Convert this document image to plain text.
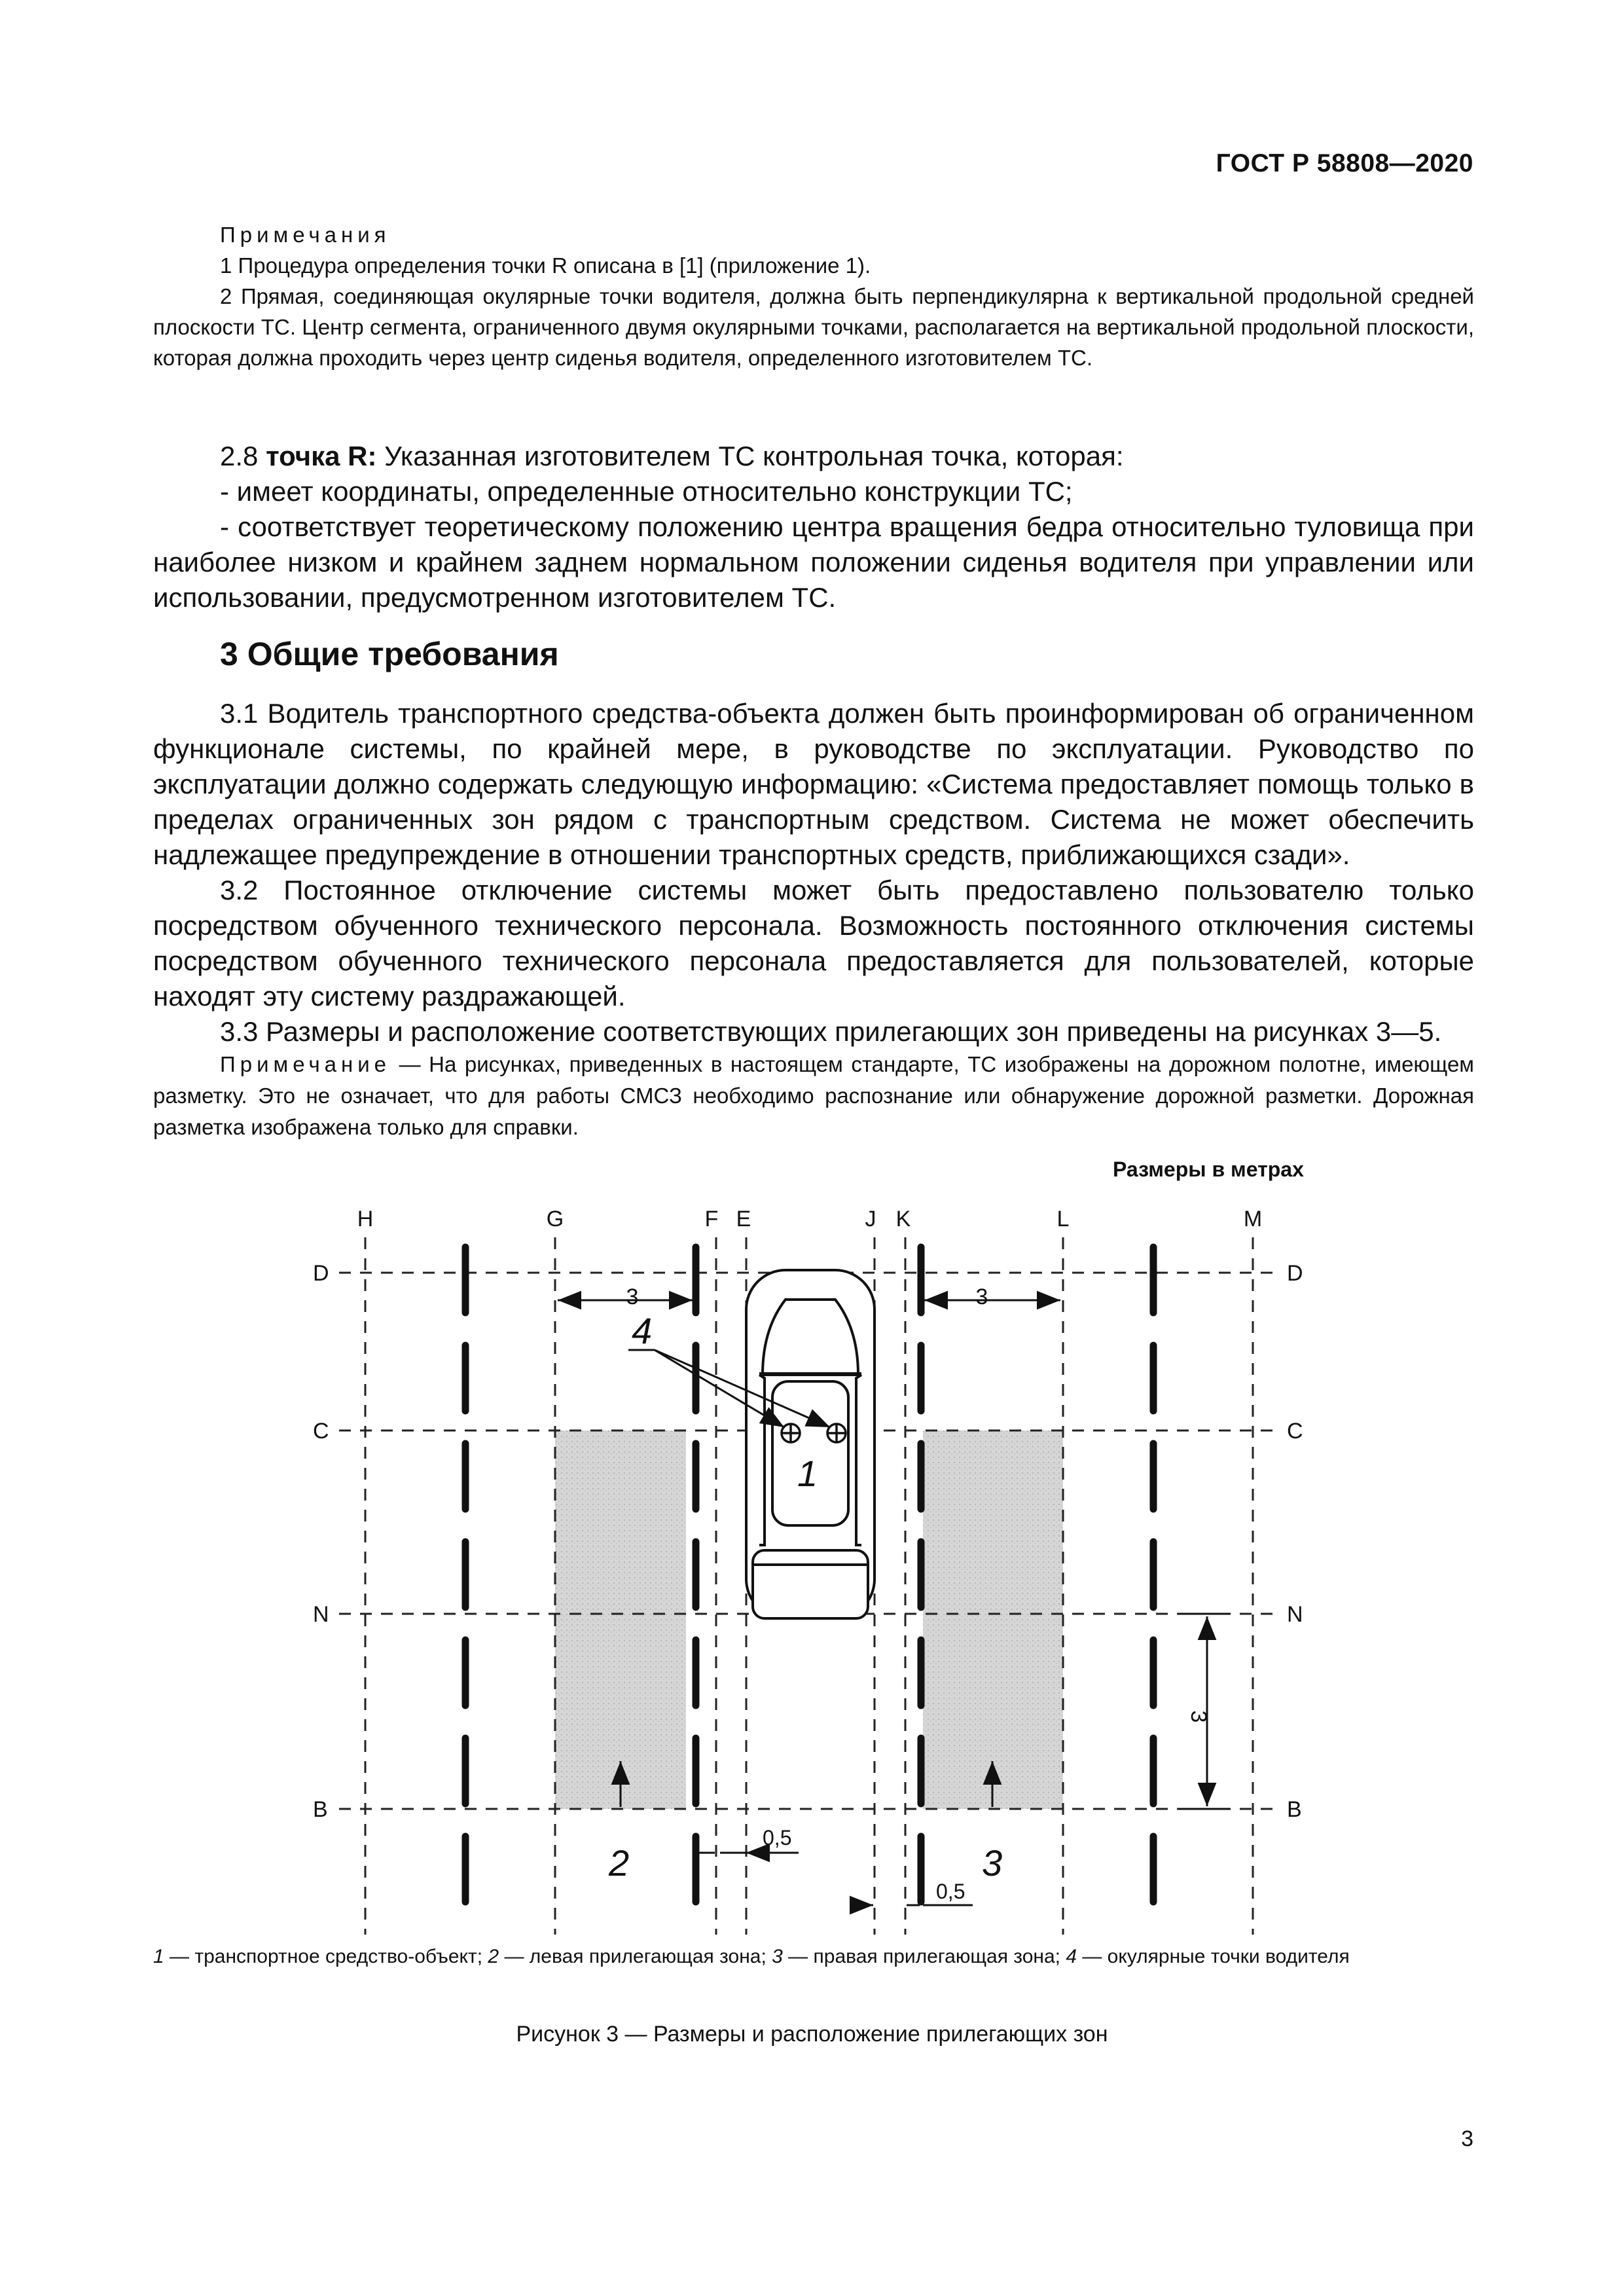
ГОСТ Р 58808—2020

Примечания

1 Процедура определения точки R описана в [1] (приложение 1).

2 Прямая, соединяющая окулярные точки водителя, должна быть перпендикулярна к вертикальной продольной средней плоскости ТС. Центр сегмента, ограниченного двумя окулярными точками, располагается на вертикальной продольной плоскости, которая должна проходить через центр сиденья водителя, определенного изготовителем ТС.

2.8 точка R: Указанная изготовителем ТС контрольная точка, которая:

- имеет координаты, определенные относительно конструкции ТС;

- соответствует теоретическому положению центра вращения бедра относительно туловища при наиболее низком и крайнем заднем нормальном положении сиденья водителя при управлении или использовании, предусмотренном изготовителем ТС.

3 Общие требования

3.1 Водитель транспортного средства-объекта должен быть проинформирован об ограниченном функционале системы, по крайней мере, в руководстве по эксплуатации. Руководство по эксплуатации должно содержать следующую информацию: «Система предоставляет помощь только в пределах ограниченных зон рядом с транспортным средством. Система не может обеспечить надлежащее предупреждение в отношении транспортных средств, приближающихся сзади».

3.2 Постоянное отключение системы может быть предоставлено пользователю только посредством обученного технического персонала. Возможность постоянного отключения системы посредством обученного технического персонала предоставляется для пользователей, которые находят эту систему раздражающей.

3.3 Размеры и расположение соответствующих прилегающих зон приведены на рисунках 3—5.

Примечание — На рисунках, приведенных в настоящем стандарте, ТС изображены на дорожном полотне, имеющем разметку. Это не означает, что для работы СМСЗ необходимо распознание или обнаружение дорожной разметки. Дорожная разметка изображена только для справки.

Размеры в метрах
H	G	F E	J K	L	M
D	D
C	C
N	N
B	B
3	3
3
0,5
0,5
1
2	3
4
1 — транспортное средство-объект; 2 — левая прилегающая зона; 3 — правая прилегающая зона; 4 — окулярные точки водителя
Рисунок 3 — Размеры и расположение прилегающих зон
3
